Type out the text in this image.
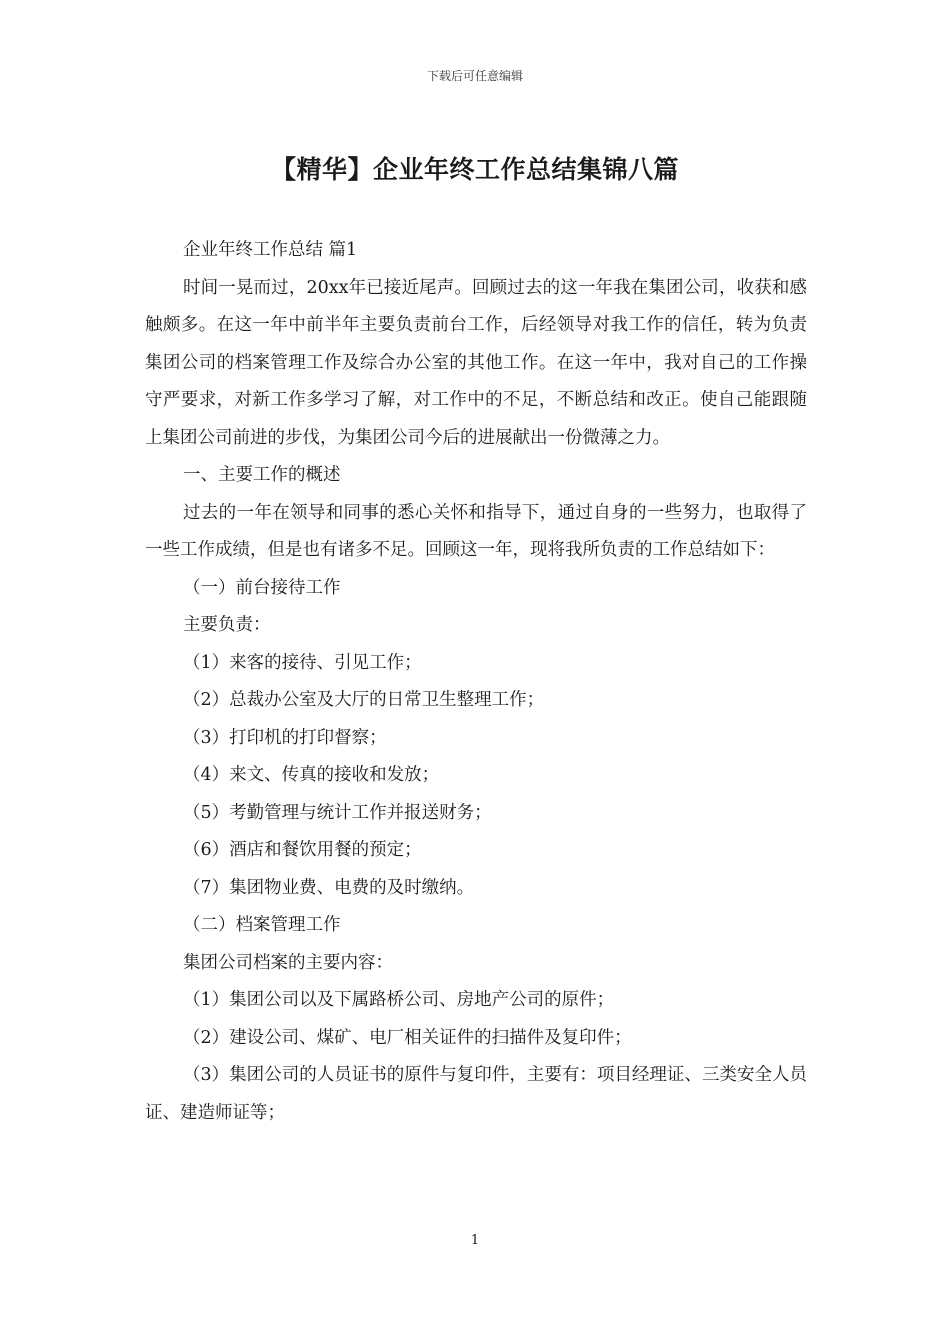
下载后可任意编辑
【精华】企业年终工作总结集锦八篇

企业年终工作总结 篇1

时间一晃而过，20xx年已接近尾声。回顾过去的这一年我在集团公司，收获和感触颇多。在这一年中前半年主要负责前台工作，后经领导对我工作的信任，转为负责集团公司的档案管理工作及综合办公室的其他工作。在这一年中，我对自己的工作操守严要求，对新工作多学习了解，对工作中的不足，不断总结和改正。使自己能跟随上集团公司前进的步伐，为集团公司今后的进展献出一份微薄之力。

一、主要工作的概述

过去的一年在领导和同事的悉心关怀和指导下，通过自身的一些努力，也取得了一些工作成绩，但是也有诸多不足。回顾这一年，现将我所负责的工作总结如下：

（一）前台接待工作

主要负责：

（1）来客的接待、引见工作；

（2）总裁办公室及大厅的日常卫生整理工作；

（3）打印机的打印督察；

（4）来文、传真的接收和发放；

（5）考勤管理与统计工作并报送财务；

（6）酒店和餐饮用餐的预定；

（7）集团物业费、电费的及时缴纳。

（二）档案管理工作

集团公司档案的主要内容：

（1）集团公司以及下属路桥公司、房地产公司的原件；

（2）建设公司、煤矿、电厂相关证件的扫描件及复印件；

（3）集团公司的人员证书的原件与复印件，主要有：项目经理证、三类安全人员证、建造师证等；

1
